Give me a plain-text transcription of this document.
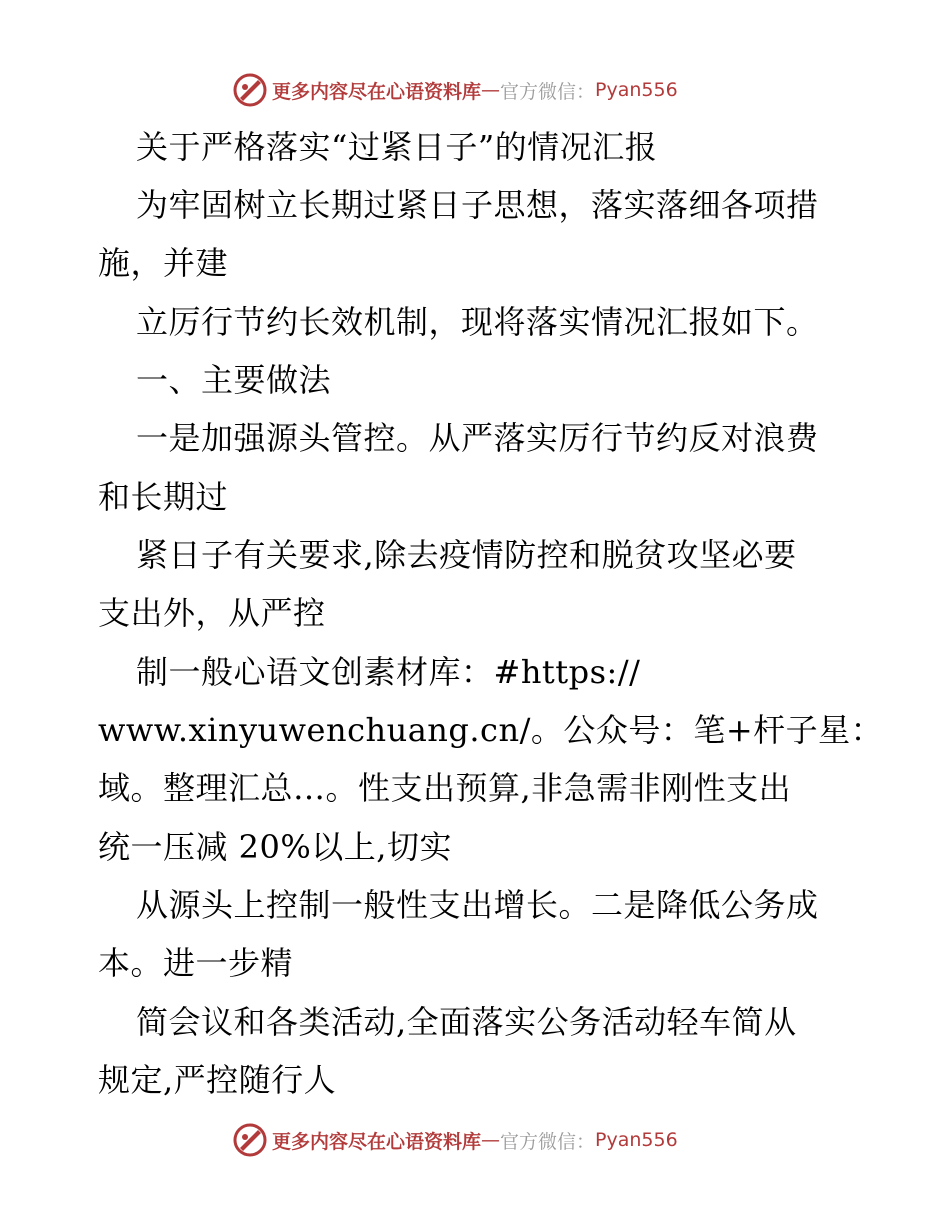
更多内容尽在心语资料库 — 官方微信： Pyan556
关于严格落实“过紧日子”的情况汇报
为牢固树立长期过紧日子思想，落实落细各项措
施，并建
立厉行节约长效机制，现将落实情况汇报如下。
一、主要做法
一是加强源头管控。从严落实厉行节约反对浪费
和长期过
紧日子有关要求,除去疫情防控和脱贫攻坚必要
支出外，从严控
制一般心语文创素材库：#https://
www.xinyuwenchuang.cn/。公众号：笔+杆子星：
域。整理汇总…。性支出预算,非急需非刚性支出
统一压减 20%以上,切实
从源头上控制一般性支出增长。二是降低公务成
本。进一步精
简会议和各类活动,全面落实公务活动轻车简从
规定,严控随行人
更多内容尽在心语资料库 — 官方微信： Pyan556
